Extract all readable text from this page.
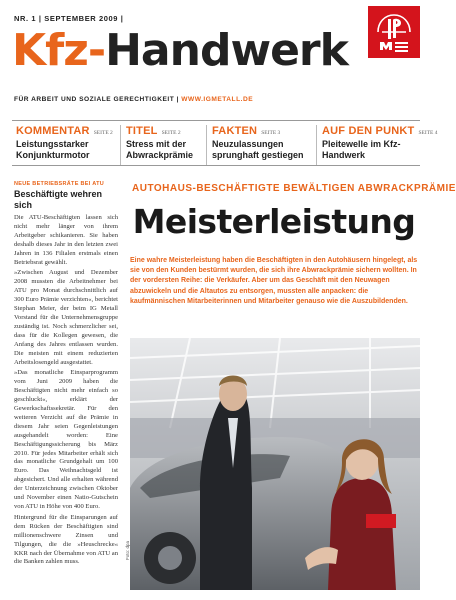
NR. 1 | SEPTEMBER 2009 |
Kfz-Handwerk
FÜR ARBEIT UND SOZIALE GERECHTIGKEIT | WWW.IGMETALL.DE
KOMMENTAR SEITE 2
Leistungsstarker Konjunkturmotor
TITEL SEITE 2
Stress mit der Abwrackprämie
FAKTEN SEITE 3
Neuzulassungen sprunghaft gestiegen
AUF DEN PUNKT SEITE 4
Pleitewelle im Kfz-Handwerk
NEUE BETRIEBSRÄTE BEI ATU
Beschäftigte wehren sich

Die ATU-Beschäftigten lassen sich nicht mehr länger von ihrem Arbeitgeber schikanieren. Sie haben deshalb dieses Jahr in den letzten zwei Jahren in 136 Filialen erstmals einen Betriebsrat gewählt.

»Zwischen August und Dezember 2008 mussten die Arbeitnehmer bei ATU pro Monat durchschnittlich auf 300 Euro Prämie verzichten«, berichtet Stephan Meier, der beim IG Metall Vorstand für die Unternehmensgruppe zuständig ist. Noch schmerzlicher sei, dass für die Kollegen gewesen, die Anfang des Jahres entlassen wurden. Die meisten mit einem reduzierten Arbeitslosengeld ausgestattet.

»Das monatliche Einsparprogramm vom Juni 2009 haben die Beschäftigten nicht mehr einfach so geschluckt«, erklärt der Gewerkschaftssekretär. Für den weiteren Verzicht auf die Prämie in diesem Jahr seien Gegenleistungen ausgehandelt worden: Eine Beschäftigungssicherung bis März 2010. Für jedes Mitarbeiter erhält sich das monatliche Grundgehalt um 100 Euro. Das Weihnachtsgeld ist abgesichert. Und alle erhalten während der Unterzeichnung zwischen Oktober und November einen Natio-Gutschein von ATU in Höhe von 400 Euro.

Hintergrund für die Einsparungen auf dem Rücken der Beschäftigten sind millionenschwere Zinsen und Tilgungen, die die »Heuschrecke« KKR nach der Übernahme von ATU an die Banken zahlen muss.

AUTOHAUS-BESCHÄFTIGTE BEWÄLTIGEN ABWRACKPRÄMIE
Meisterleistung
Eine wahre Meisterleistung haben die Beschäftigten in den Autohäusern hingelegt, als sie von den Kunden bestürmt wurden, die sich ihre Abwrackprämie sichern wollten. In der vordersten Reihe: die Verkäufer. Aber um das Geschäft mit den Neuwagen abzuwickeln und die Altautos zu entsorgen, mussten alle anpacken: die kaufmännischen Mitarbeiterinnen und Mitarbeiter genauso wie die Auszubildenden.
Foto: dpa
